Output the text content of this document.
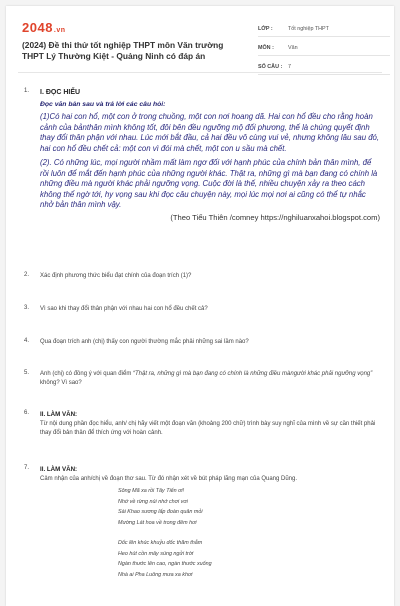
2048.vn
(2024) Đề thi thử tốt nghiệp THPT môn Văn trường THPT Lý Thường Kiệt - Quảng Ninh có đáp án
LỚP :	Tốt nghiệp THPT
MÔN :	Văn
SỐ CÂU : 7
1. I. ĐỌC HIỂU
Đọc văn bản sau và trả lời các câu hỏi:

(1)Có hai con hổ, một con ở trong chuồng, một con nơi hoang dã. Hai con hổ đều cho rằng hoàn cảnh của bảnthân mình không tốt, đôi bên đều ngưỡng mộ đối phương, thế là chúng quyết định thay đổi thân phận với nhau. Lúc mới bắt đầu, cả hai đều vô cùng vui vẻ, nhưng không lâu sau đó, hai con hổ đều chết cả: một con vì đói mà chết, một con u sầu mà chết.

(2). Có những lúc, mọi người nhầm mất làm ngơ đối với hạnh phúc của chính bản thân mình, để rồi luôn để mắt đến hạnh phúc của những người khác. Thật ra, những gì mà bạn đang có chính là những điều mà người khác phải ngưỡng vọng. Cuộc đời là thế, nhiều chuyện xảy ra theo cách không thể ngờ tới, hy vọng sau khi đọc câu chuyện này, mọi lúc mọi nơi ai cũng có thể tự nhắc nhở bản thân mình vậy.

(Theo Tiểu Thiên /comney https://nghiluanxahoi.blogspot.com)
2. Xác định phương thức biểu đạt chính của đoạn trích (1)?
3. Vì sao khi thay đổi thân phận với nhau hai con hổ đều chết cả?
4. Qua đoạn trích anh (chị) thấy con người thường mắc phải những sai lầm nào?
5. Anh (chị) có đồng ý với quan điểm “Thật ra, những gì mà bạn đang có chính là những điều màngười khác phải ngưỡng vọng” không? Vì sao?
6. II. LÀM VĂN:
Từ nội dung phần đọc hiểu, anh/ chị hãy viết một đoạn văn (khoảng 200 chữ) trình bày suy nghĩ của mình về sự cần thiết phải thay đổi bản thân để thích ứng với hoàn cảnh.
7. II. LÀM VĂN:
Cảm nhận của anh/chị về đoạn thơ sau. Từ đó nhận xét về bút pháp lãng mạn của Quang Dũng.
Sông Mã xa rồi Tây Tiến ơi!
Nhớ về rừng núi nhớ chơi vơi
Sài Khao sương lấp đoàn quân mỏi
Mường Lát hoa về trong đêm hơi
Dốc lên khúc khuỷu dốc thăm thẳm
Heo hút cồn mây súng ngửi trời
Ngàn thước lên cao, ngàn thước xuống
Nhà ai Pha Luông mưa xa khơi
